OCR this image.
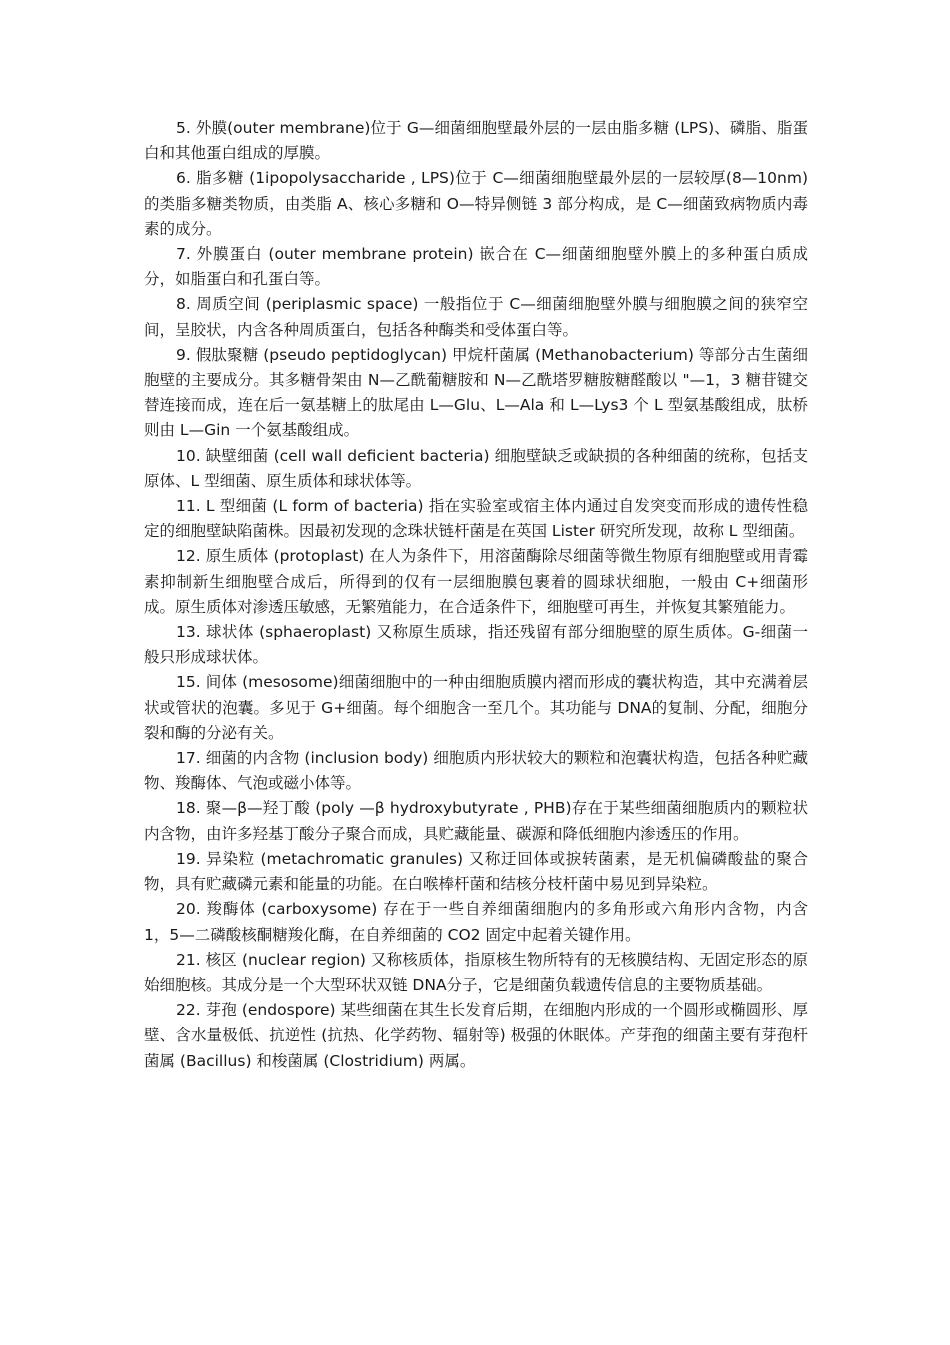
5. 外膜(outer membrane)位于 G—细菌细胞壁最外层的一层由脂多糖 (LPS)、磷脂、脂蛋白和其他蛋白组成的厚膜。

6. 脂多糖 (1ipopolysaccharide , LPS)位于 C—细菌细胞壁最外层的一层较厚(8—10nm)的类脂多糖类物质，由类脂 A、核心多糖和 O—特异侧链 3 部分构成，是 C—细菌致病物质内毒素的成分。

7. 外膜蛋白 (outer membrane protein) 嵌合在 C—细菌细胞壁外膜上的多种蛋白质成分，如脂蛋白和孔蛋白等。

8. 周质空间 (periplasmic space) 一般指位于 C—细菌细胞壁外膜与细胞膜之间的狭窄空间，呈胶状，内含各种周质蛋白，包括各种酶类和受体蛋白等。

9. 假肽聚糖 (pseudo peptidoglycan) 甲烷杆菌属 (Methanobacterium) 等部分古生菌细胞壁的主要成分。其多糖骨架由 N—乙酰葡糖胺和 N—乙酰塔罗糖胺糖醛酸以 "—1，3 糖苷键交替连接而成，连在后一氨基糖上的肽尾由 L—Glu、L—Ala 和 L—Lys3 个 L 型氨基酸组成，肽桥则由 L—Gin 一个氨基酸组成。

10. 缺壁细菌 (cell wall deficient bacteria) 细胞壁缺乏或缺损的各种细菌的统称，包括支原体、L 型细菌、原生质体和球状体等。

11. L 型细菌 (L form of bacteria) 指在实验室或宿主体内通过自发突变而形成的遗传性稳定的细胞壁缺陷菌株。因最初发现的念珠状链杆菌是在英国 Lister 研究所发现，故称 L 型细菌。

12. 原生质体 (protoplast) 在人为条件下，用溶菌酶除尽细菌等微生物原有细胞壁或用青霉素抑制新生细胞壁合成后，所得到的仅有一层细胞膜包裹着的圆球状细胞，一般由 C+细菌形成。原生质体对渗透压敏感，无繁殖能力，在合适条件下，细胞壁可再生，并恢复其繁殖能力。

13. 球状体 (sphaeroplast) 又称原生质球，指还残留有部分细胞壁的原生质体。G-细菌一般只形成球状体。

15. 间体 (mesosome)细菌细胞中的一种由细胞质膜内褶而形成的囊状构造，其中充满着层状或管状的泡囊。多见于 G+细菌。每个细胞含一至几个。其功能与 DNA的复制、分配，细胞分裂和酶的分泌有关。

17. 细菌的内含物 (inclusion body) 细胞质内形状较大的颗粒和泡囊状构造，包括各种贮藏物、羧酶体、气泡或磁小体等。

18. 聚—β—羟丁酸 (poly —β hydroxybutyrate , PHB)存在于某些细菌细胞质内的颗粒状内含物，由许多羟基丁酸分子聚合而成，具贮藏能量、碳源和降低细胞内渗透压的作用。

19. 异染粒 (metachromatic granules) 又称迂回体或捩转菌素，是无机偏磷酸盐的聚合物，具有贮藏磷元素和能量的功能。在白喉棒杆菌和结核分枝杆菌中易见到异染粒。

20. 羧酶体 (carboxysome) 存在于一些自养细菌细胞内的多角形或六角形内含物，内含 1，5—二磷酸核酮糖羧化酶，在自养细菌的 CO2 固定中起着关键作用。

21. 核区 (nuclear region) 又称核质体，指原核生物所特有的无核膜结构、无固定形态的原始细胞核。其成分是一个大型环状双链 DNA分子，它是细菌负载遗传信息的主要物质基础。

22. 芽孢 (endospore) 某些细菌在其生长发育后期，在细胞内形成的一个圆形或椭圆形、厚壁、含水量极低、抗逆性 (抗热、化学药物、辐射等) 极强的休眠体。产芽孢的细菌主要有芽孢杆菌属 (Bacillus) 和梭菌属 (Clostridium) 两属。
